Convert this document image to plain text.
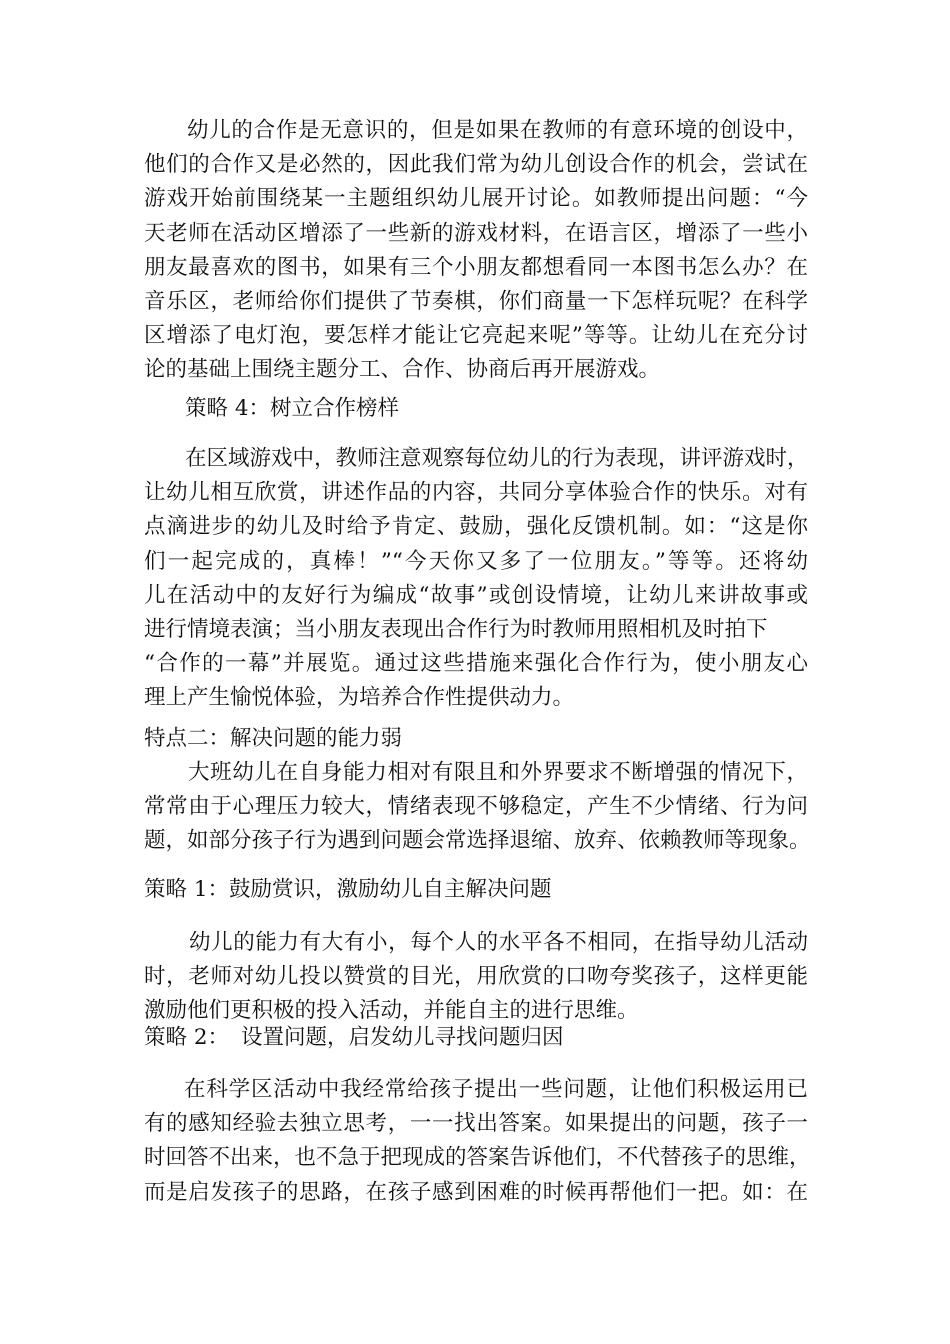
幼儿的合作是无意识的，但是如果在教师的有意环境的创设中，
他们的合作又是必然的，因此我们常为幼儿创设合作的机会，尝试在
游戏开始前围绕某一主题组织幼儿展开讨论。如教师提出问题：“今
天老师在活动区增添了一些新的游戏材料，在语言区，增添了一些小
朋友最喜欢的图书，如果有三个小朋友都想看同一本图书怎么办？在
音乐区，老师给你们提供了节奏棋，你们商量一下怎样玩呢？在科学
区增添了电灯泡，要怎样才能让它亮起来呢”等等。让幼儿在充分讨
论的基础上围绕主题分工、合作、协商后再开展游戏。
策略 4：树立合作榜样
在区域游戏中，教师注意观察每位幼儿的行为表现，讲评游戏时，
让幼儿相互欣赏，讲述作品的内容，共同分享体验合作的快乐。对有
点滴进步的幼儿及时给予肯定、鼓励，强化反馈机制。如：“这是你
们一起完成的，真棒！”“今天你又多了一位朋友。”等等。还将幼
儿在活动中的友好行为编成“故事”或创设情境，让幼儿来讲故事或
进行情境表演；当小朋友表现出合作行为时教师用照相机及时拍下
“合作的一幕”并展览。通过这些措施来强化合作行为，使小朋友心
理上产生愉悦体验，为培养合作性提供动力。
特点二：解决问题的能力弱
大班幼儿在自身能力相对有限且和外界要求不断增强的情况下，
常常由于心理压力较大，情绪表现不够稳定，产生不少情绪、行为问
题，如部分孩子行为遇到问题会常选择退缩、放弃、依赖教师等现象。
策略 1：鼓励赏识，激励幼儿自主解决问题
幼儿的能力有大有小，每个人的水平各不相同，在指导幼儿活动
时，老师对幼儿投以赞赏的目光，用欣赏的口吻夸奖孩子，这样更能
激励他们更积极的投入活动，并能自主的进行思维。
策略 2： 设置问题，启发幼儿寻找问题归因
在科学区活动中我经常给孩子提出一些问题，让他们积极运用已
有的感知经验去独立思考，一一找出答案。如果提出的问题，孩子一
时回答不出来，也不急于把现成的答案告诉他们，不代替孩子的思维，
而是启发孩子的思路，在孩子感到困难的时候再帮他们一把。如：在
